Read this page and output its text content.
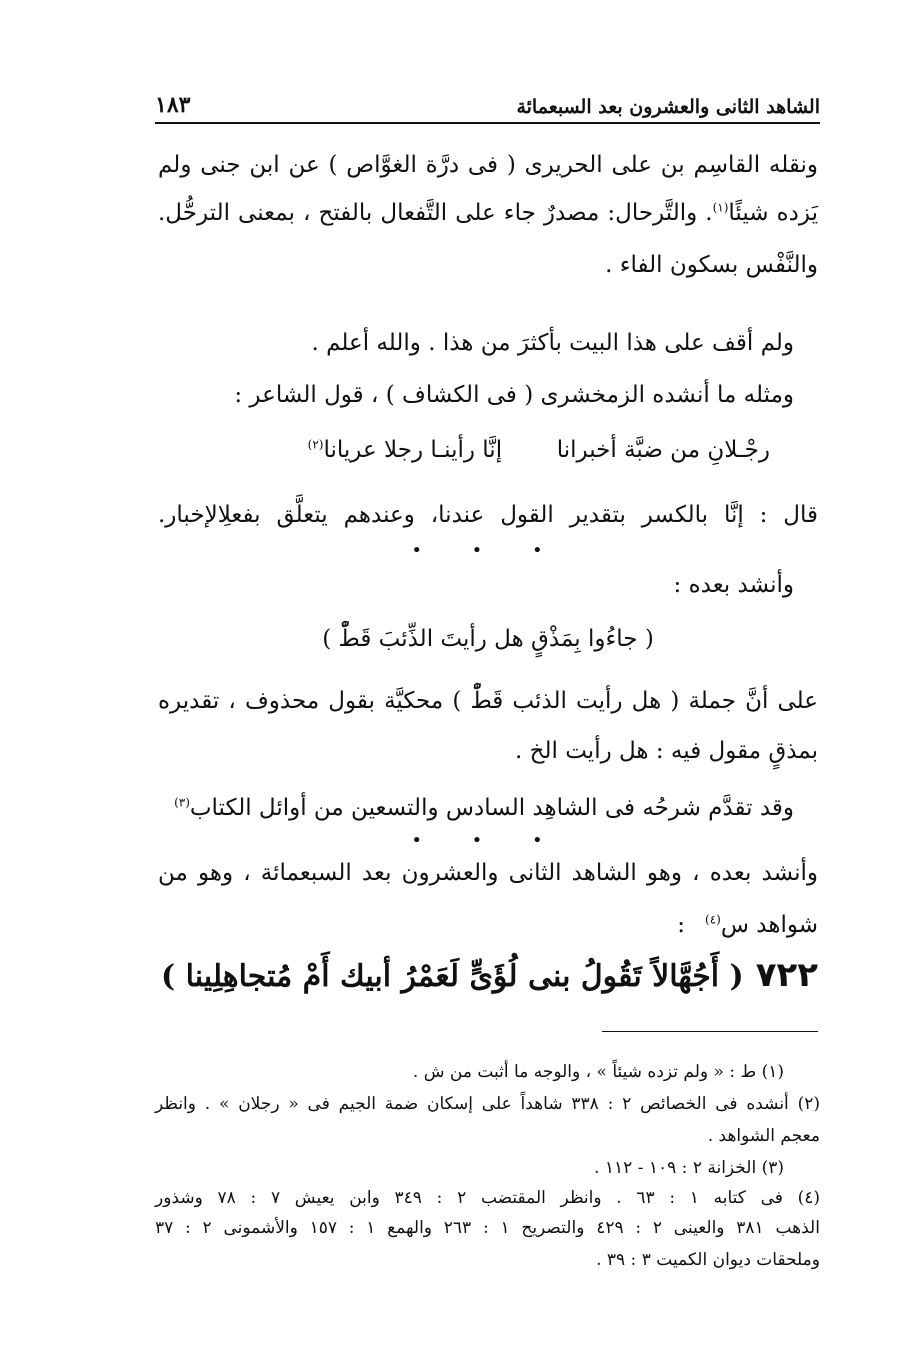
الشاهد الثانى والعشرون بعد السبعمائة
١٨٣
ونقله القاسِم بن على الحريرى ( فى درَّة الغوَّاص ) عن ابن جنى ولم
يَزده شيئًا$^{(١)}$. والتَّرحال: مصدرٌ جاء على التَّفعال بالفتح ، بمعنى الترحُّل.
والنَّفْس بسكون الفاء .
ولم أقف على هذا البيت بأكثرَ من هذا . والله أعلم .
ومثله ما أنشده الزمخشرى ( فى الكشاف ) ، قول الشاعر :
رجْـلانِ من ضبَّة أخبرانا  إنَّا رأينـا رجلا عريانا$^{(٢)}$
قال : إنَّا بالكسر بتقدير القول عندنا، وعندهم يتعلَّق بفعلِالإخبار.
• • •
وأنشد بعده :
( جاءُوا بِمَذْقٍ هل رأيتَ الذِّئبَ قَطّْ )
على أنَّ جملة ( هل رأيت الذئب قَطّْ ) محكيَّة بقول محذوف ، تقديره
بمذقٍ مقول فيه : هل رأيت الخ .
وقد تقدَّم شرحُه فى الشاهِد السادس والتسعين من أوائل الكتاب$^{(٣)}$
• • •
وأنشد بعده ، وهو الشاهد الثانى والعشرون بعد السبعمائة ، وهو من
شواهد س$^{(٤)}$:
٧٢٢( أَجُهَّالاً تَقُولُ بنى لُؤَىٍّ لَعَمْرُ أبيك أَمْ مُتجاهِلِينا )
(١) ط : « ولم تزده شيئاً » ، والوجه ما أثبت من ش .
(٢) أنشده فى الخصائص ٢ : ٣٣٨ شاهداً على إسكان ضمة الجيم فى « رجلان » . وانظر
معجم الشواهد .
(٣) الخزانة ٢ : ١٠٩ - ١١٢ .
(٤) فى كتابه ١ : ٦٣ . وانظر المقتضب ٢ : ٣٤٩ وابن يعيش ٧ : ٧٨ وشذور
الذهب ٣٨١ والعينى ٢ : ٤٢٩ والتصريح ١ : ٢٦٣ والهمع ١ : ١٥٧ والأشمونى ٢ : ٣٧
وملحقات ديوان الكميت ٣ : ٣٩ .
